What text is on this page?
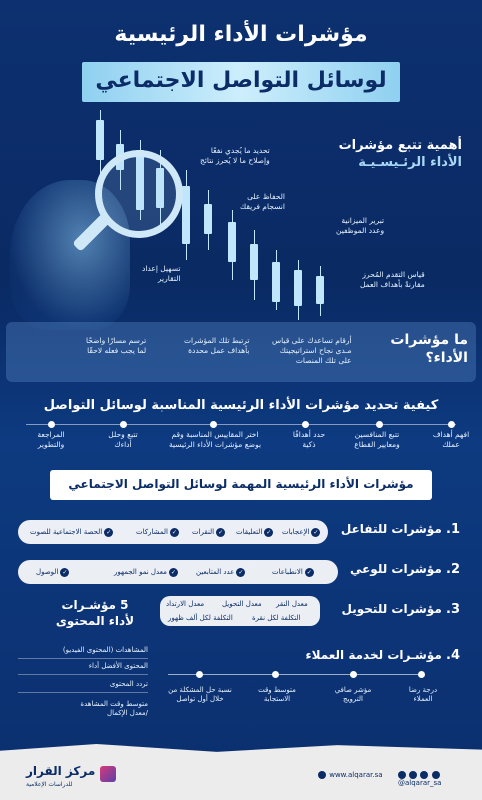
مؤشرات الأداء الرئيسية
لوسائل التواصل الاجتماعي
أهمية تتبع مؤشرات
الأداء الرئـيسـيـة
تحديد ما يُجدي نفعًا
وإصلاح ما لا يُحرز نتائج
الحفاظ على
انسجام فريقك
تبرير الميزانية
وعدد الموظفين
قياس التقدم المُحرز
مقارنةً بأهداف العمل
تسهيل إعداد
التقارير
ما مؤشرات
الأداء؟
أرقام تساعدك على قياس
مـدى نجاح استراتيجيتك
على تلك المنصات
ترتبط تلك المؤشرات
بأهداف عمل محددة
ترسم مسارًا واضحًا
لما يجب فعله لاحقًا
كيفية تحديد مؤشرات الأداء الرئيسية المناسبة لوسائل التواصل
افهم أهداف
عملك
تتبع المنافسين
ومعايير القطاع
حدد أهدافًا
ذكية
اختر المقاييس المناسبة وقم
بوضع مؤشرات الأداء الرئيسية
تتبع وحلل
أداءك
المراجعة
والتطوير
مؤشرات الأداء الرئيسية المهمة لوسائل التواصل الاجتماعي
1. مؤشرات للتفاعل
✓ الإعجابات
✓ التعليقات
✓ النقرات
✓ المشاركات
✓ الحصة الاجتماعية للصوت
2. مؤشرات للوعي
✓ الانطباعات
✓ عدد المتابعين
✓ معدل نمو الجمهور
✓ الوصول
3. مؤشرات للتحويل
معدل النقر
معدل التحويل
معدل الارتداد
التكلفة لكل نقرة
التكلفة لكل ألف ظهور
5 مؤشـرات
لأداء المحتوى
المشاهدات (المحتوى الفيديو)
المحتوى الأفضل أداء
تردد المحتوى
متوسط وقت المشاهدة
/معدل الإكمال
4. مؤشـرات لخدمة العملاء
درجة رضا
العملاء
مؤشر صافي
الترويج
متوسط وقت
الاستجابة
نسبة حل المشكلة من
خلال أول تواصل
مركز القرار
للدراسات الإعلامية
www.alqarar.sa
@alqarar_sa
